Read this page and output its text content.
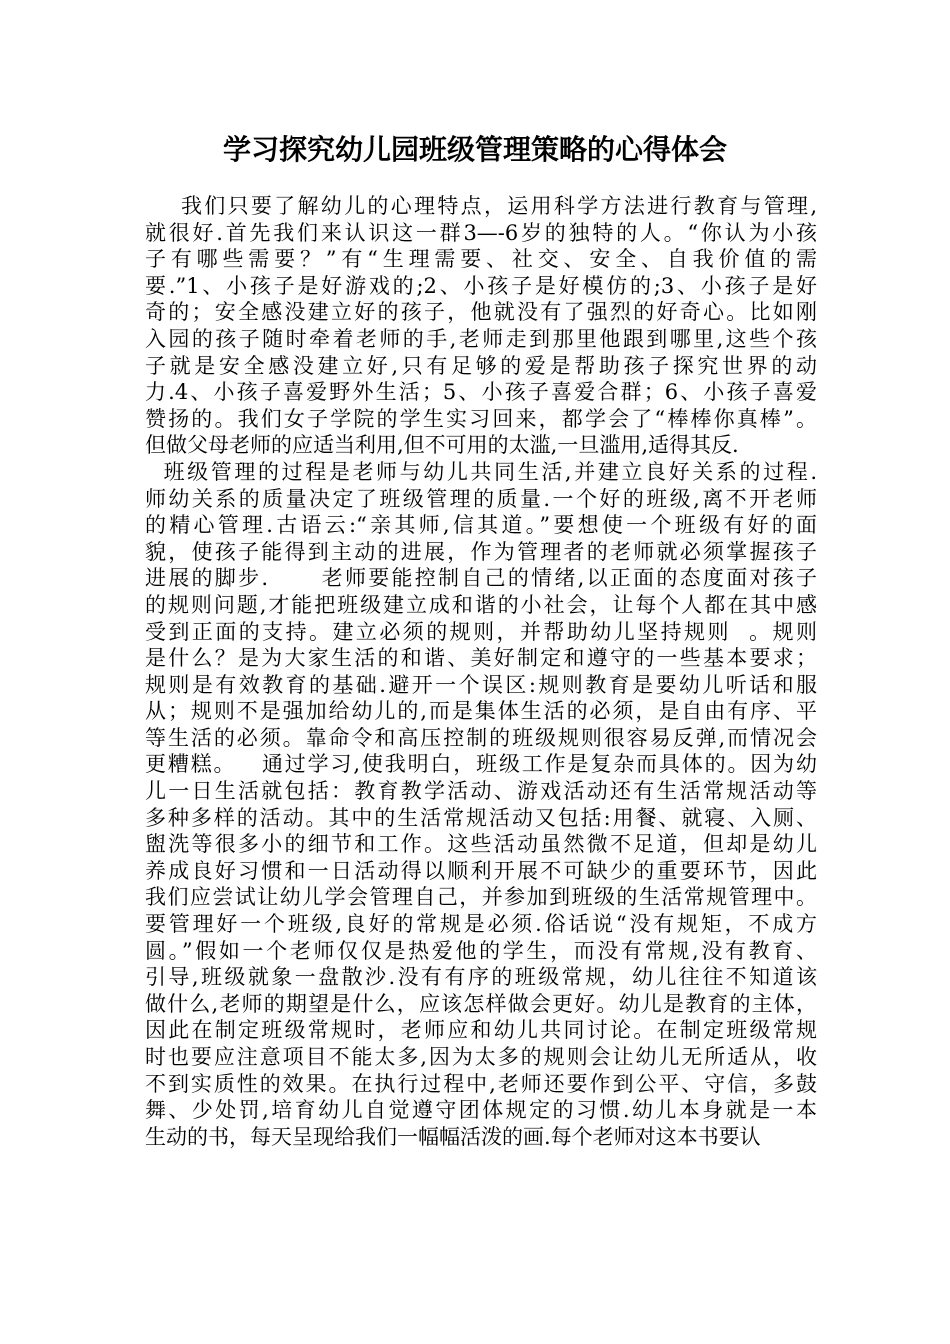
学习探究幼儿园班级管理策略的心得体会
我们只要了解幼儿的心理特点，运用科学方法进行教育与管理,
就很好.首先我们来认识这一群3—-6岁的独特的人。“你认为小孩
子有哪些需要？”有“生理需要、社交、安全、自我价值的需
要.”1、小孩子是好游戏的;2、小孩子是好模仿的;3、小孩子是好
奇的；安全感没建立好的孩子，他就没有了强烈的好奇心。比如刚
入园的孩子随时牵着老师的手,老师走到那里他跟到哪里,这些个孩
子就是安全感没建立好,只有足够的爱是帮助孩子探究世界的动
力.4、小孩子喜爱野外生活；5、小孩子喜爱合群；6、小孩子喜爱
赞扬的。我们女子学院的学生实习回来，都学会了“棒棒你真棒”。
但做父母老师的应适当利用,但不可用的太滥,一旦滥用,适得其反.
班级管理的过程是老师与幼儿共同生活,并建立良好关系的过程.
师幼关系的质量决定了班级管理的质量.一个好的班级,离不开老师
的精心管理.古语云:“亲其师,信其道。”要想使一个班级有好的面
貌，使孩子能得到主动的进展，作为管理者的老师就必须掌握孩子
进展的脚步.      老师要能控制自己的情绪,以正面的态度面对孩子
的规则问题,才能把班级建立成和谐的小社会，让每个人都在其中感
受到正面的支持。建立必须的规则，并帮助幼儿坚持规则  。规则
是什么？是为大家生活的和谐、美好制定和遵守的一些基本要求；
规则是有效教育的基础.避开一个误区:规则教育是要幼儿听话和服
从；规则不是强加给幼儿的,而是集体生活的必须，是自由有序、平
等生活的必须。靠命令和高压控制的班级规则很容易反弹,而情况会
更糟糕。   通过学习,使我明白，班级工作是复杂而具体的。因为幼
儿一日生活就包括：教育教学活动、游戏活动还有生活常规活动等
多种多样的活动。其中的生活常规活动又包括:用餐、就寝、入厕、
盥洗等很多小的细节和工作。这些活动虽然微不足道，但却是幼儿
养成良好习惯和一日活动得以顺利开展不可缺少的重要环节，因此
我们应尝试让幼儿学会管理自己，并参加到班级的生活常规管理中。
要管理好一个班级,良好的常规是必须.俗话说“没有规矩，不成方
圆。”假如一个老师仅仅是热爱他的学生，而没有常规,没有教育、
引导,班级就象一盘散沙.没有有序的班级常规，幼儿往往不知道该
做什么,老师的期望是什么，应该怎样做会更好。幼儿是教育的主体，
因此在制定班级常规时，老师应和幼儿共同讨论。在制定班级常规
时也要应注意项目不能太多,因为太多的规则会让幼儿无所适从，收
不到实质性的效果。在执行过程中,老师还要作到公平、守信，多鼓
舞、少处罚,培育幼儿自觉遵守团体规定的习惯.幼儿本身就是一本
生动的书，每天呈现给我们一幅幅活泼的画.每个老师对这本书要认
